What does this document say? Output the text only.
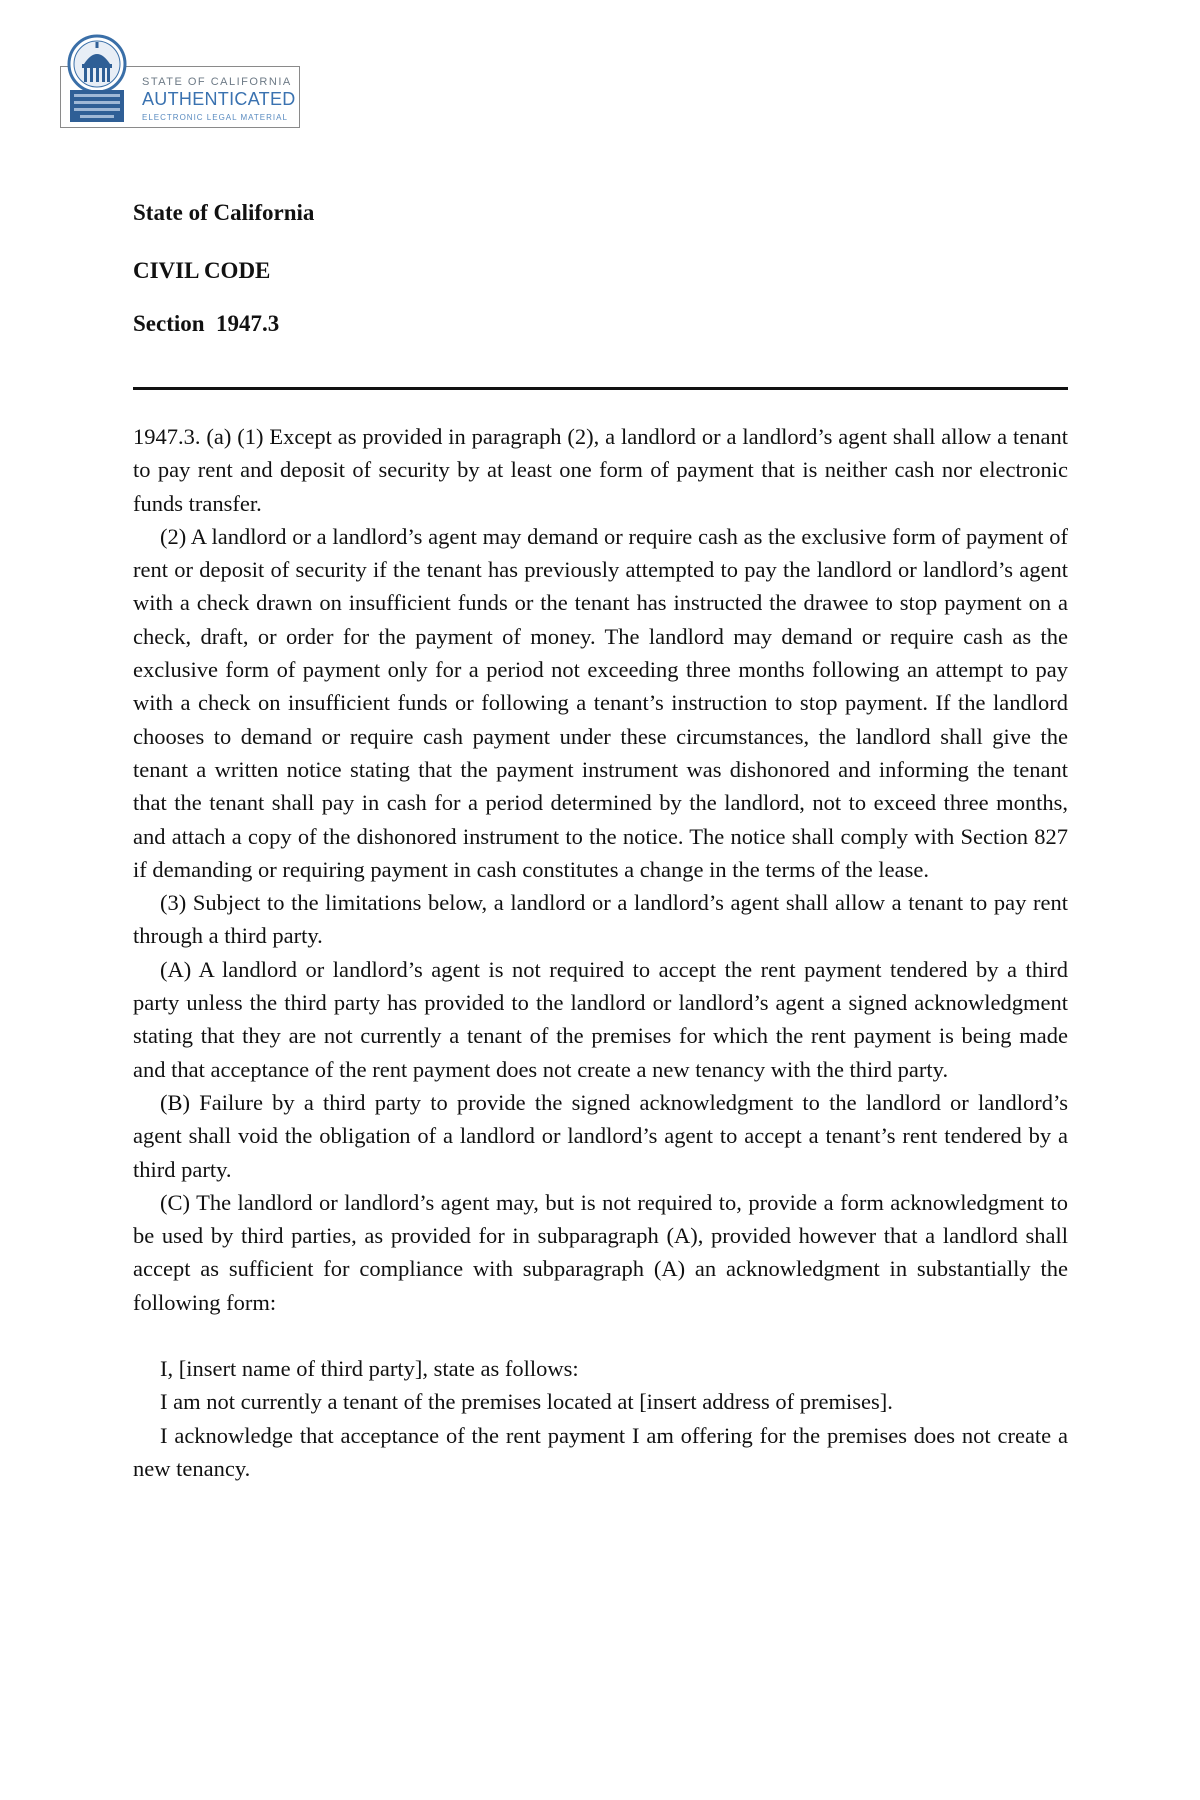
STATE OF CALIFORNIA
AUTHENTICATED
ELECTRONIC LEGAL MATERIAL
State of California
CIVIL CODE
Section  1947.3

1947.3. (a) (1) Except as provided in paragraph (2), a landlord or a landlord’s agent shall allow a tenant to pay rent and deposit of security by at least one form of payment that is neither cash nor electronic funds transfer.

(2) A landlord or a landlord’s agent may demand or require cash as the exclusive form of payment of rent or deposit of security if the tenant has previously attempted to pay the landlord or landlord’s agent with a check drawn on insufficient funds or the tenant has instructed the drawee to stop payment on a check, draft, or order for the payment of money. The landlord may demand or require cash as the exclusive form of payment only for a period not exceeding three months following an attempt to pay with a check on insufficient funds or following a tenant’s instruction to stop payment. If the landlord chooses to demand or require cash payment under these circumstances, the landlord shall give the tenant a written notice stating that the payment instrument was dishonored and informing the tenant that the tenant shall pay in cash for a period determined by the landlord, not to exceed three months, and attach a copy of the dishonored instrument to the notice. The notice shall comply with Section 827 if demanding or requiring payment in cash constitutes a change in the terms of the lease.

(3) Subject to the limitations below, a landlord or a landlord’s agent shall allow a tenant to pay rent through a third party.

(A) A landlord or landlord’s agent is not required to accept the rent payment tendered by a third party unless the third party has provided to the landlord or landlord’s agent a signed acknowledgment stating that they are not currently a tenant of the premises for which the rent payment is being made and that acceptance of the rent payment does not create a new tenancy with the third party.

(B) Failure by a third party to provide the signed acknowledgment to the landlord or landlord’s agent shall void the obligation of a landlord or landlord’s agent to accept a tenant’s rent tendered by a third party.

(C) The landlord or landlord’s agent may, but is not required to, provide a form acknowledgment to be used by third parties, as provided for in subparagraph (A), provided however that a landlord shall accept as sufficient for compliance with subparagraph (A) an acknowledgment in substantially the following form:

I, [insert name of third party], state as follows:

I am not currently a tenant of the premises located at [insert address of premises].

I acknowledge that acceptance of the rent payment I am offering for the premises does not create a new tenancy.
